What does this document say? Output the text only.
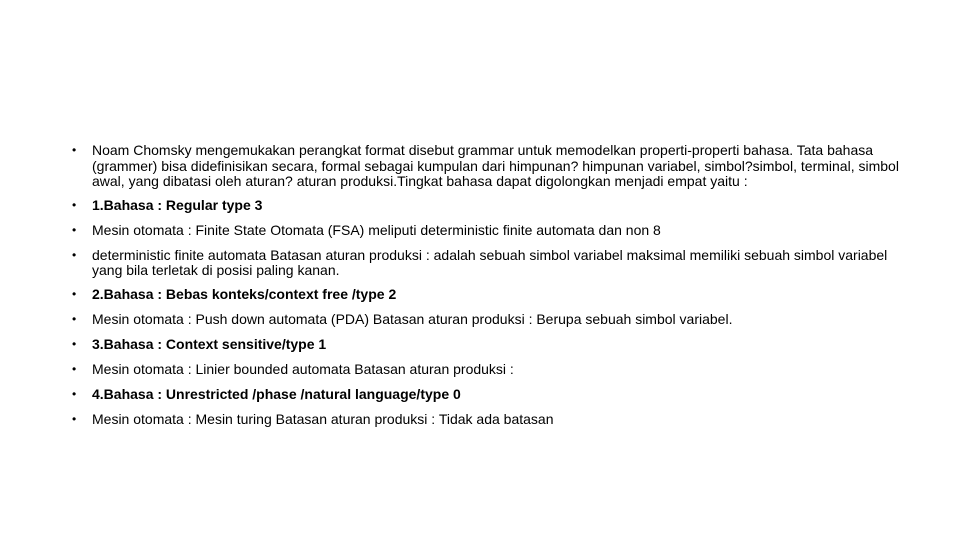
• Noam Chomsky mengemukakan perangkat format disebut grammar untuk memodelkan properti-properti bahasa. Tata bahasa (grammer) bisa didefinisikan secara, formal sebagai kumpulan dari himpunan? himpunan variabel, simbol?simbol, terminal, simbol awal, yang dibatasi oleh aturan? aturan produksi.Tingkat bahasa dapat digolongkan menjadi empat yaitu :
• 1.Bahasa : Regular type 3
• Mesin otomata : Finite State Otomata (FSA) meliputi deterministic finite automata dan non 8
• deterministic finite automata Batasan aturan produksi : adalah sebuah simbol variabel maksimal memiliki sebuah simbol variabel yang bila terletak di posisi paling kanan.
• 2.Bahasa : Bebas konteks/context free /type 2
• Mesin otomata : Push down automata (PDA) Batasan aturan produksi : Berupa sebuah simbol variabel.
• 3.Bahasa : Context sensitive/type 1
• Mesin otomata : Linier bounded automata Batasan aturan produksi :
• 4.Bahasa : Unrestricted /phase /natural language/type 0
• Mesin otomata : Mesin turing Batasan aturan produksi : Tidak ada batasan
